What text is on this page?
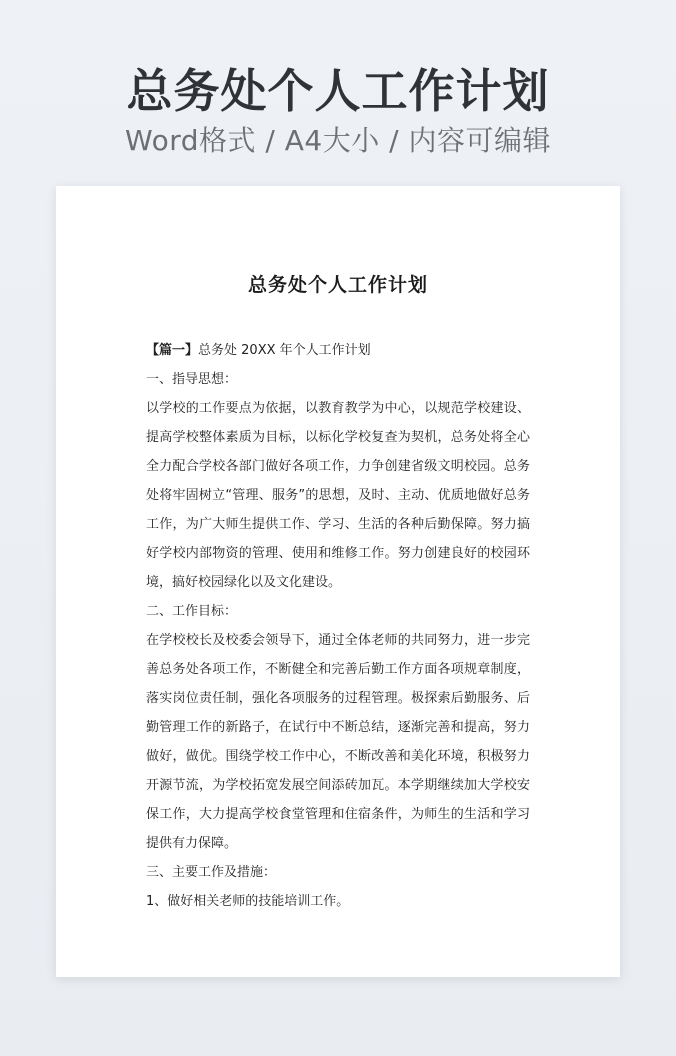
总务处个人工作计划
Word格式 / A4大小 / 内容可编辑
总务处个人工作计划

【篇一】总务处 20XX 年个人工作计划

一、指导思想：

以学校的工作要点为依据，以教育教学为中心，以规范学校建设、提高学校整体素质为目标，以标化学校复查为契机，总务处将全心全力配合学校各部门做好各项工作，力争创建省级文明校园。总务处将牢固树立“管理、服务”的思想，及时、主动、优质地做好总务工作，为广大师生提供工作、学习、生活的各种后勤保障。努力搞好学校内部物资的管理、使用和维修工作。努力创建良好的校园环境，搞好校园绿化以及文化建设。

二、工作目标：

在学校校长及校委会领导下，通过全体老师的共同努力，进一步完善总务处各项工作，不断健全和完善后勤工作方面各项规章制度，落实岗位责任制，强化各项服务的过程管理。极探索后勤服务、后勤管理工作的新路子，在试行中不断总结，逐渐完善和提高，努力做好，做优。围绕学校工作中心，不断改善和美化环境，积极努力开源节流，为学校拓宽发展空间添砖加瓦。本学期继续加大学校安保工作，大力提高学校食堂管理和住宿条件，为师生的生活和学习提供有力保障。

三、主要工作及措施：

1、做好相关老师的技能培训工作。
